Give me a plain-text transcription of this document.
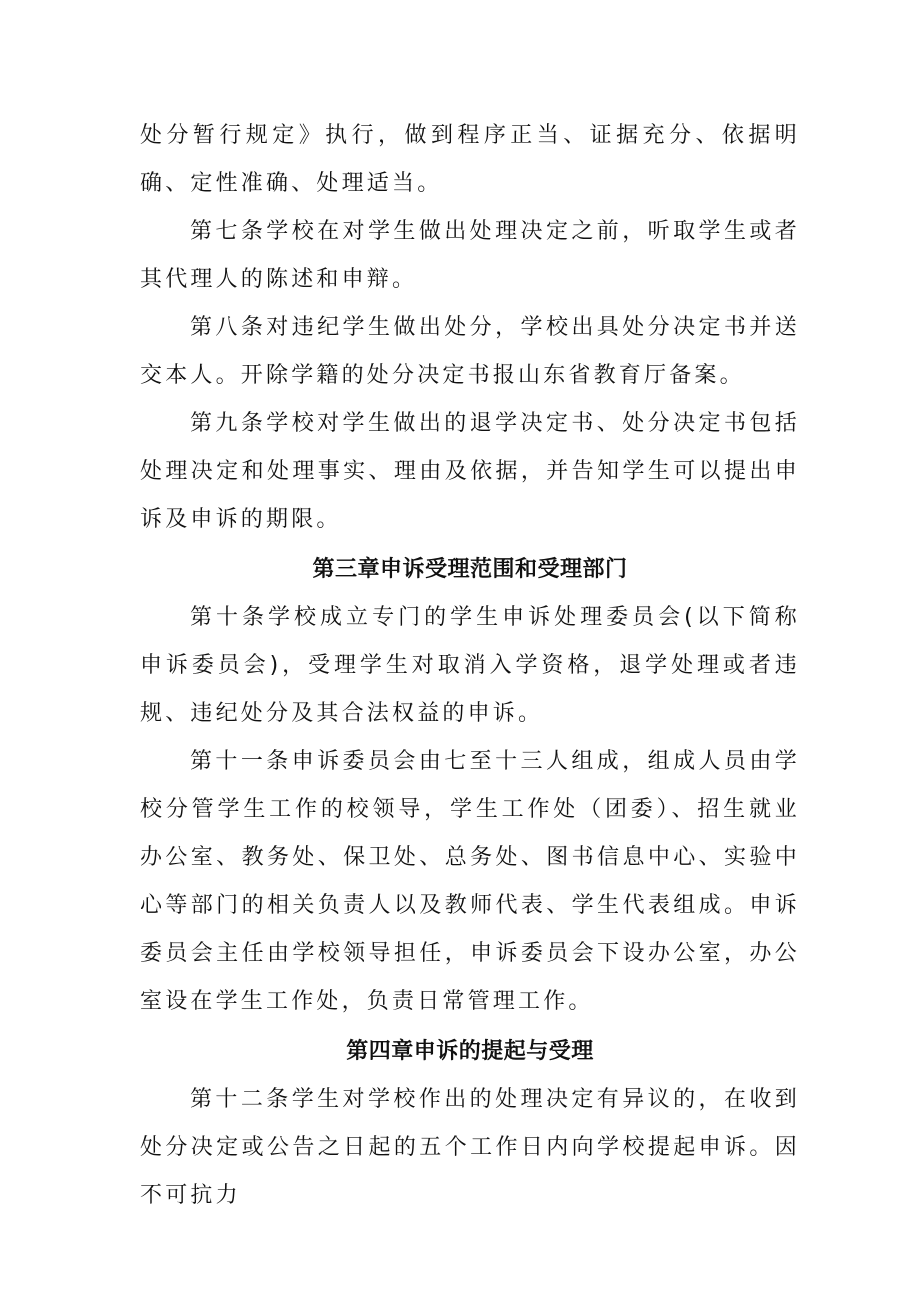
处分暂行规定》执行，做到程序正当、证据充分、依据明确、定性准确、处理适当。

第七条学校在对学生做出处理决定之前，听取学生或者其代理人的陈述和申辩。

第八条对违纪学生做出处分，学校出具处分决定书并送交本人。开除学籍的处分决定书报山东省教育厅备案。

第九条学校对学生做出的退学决定书、处分决定书包括处理决定和处理事实、理由及依据，并告知学生可以提出申诉及申诉的期限。

第三章申诉受理范围和受理部门

第十条学校成立专门的学生申诉处理委员会(以下简称申诉委员会)，受理学生对取消入学资格，退学处理或者违规、违纪处分及其合法权益的申诉。

第十一条申诉委员会由七至十三人组成，组成人员由学校分管学生工作的校领导，学生工作处（团委）、招生就业办公室、教务处、保卫处、总务处、图书信息中心、实验中心等部门的相关负责人以及教师代表、学生代表组成。申诉委员会主任由学校领导担任，申诉委员会下设办公室，办公室设在学生工作处，负责日常管理工作。

第四章申诉的提起与受理

第十二条学生对学校作出的处理决定有异议的，在收到处分决定或公告之日起的五个工作日内向学校提起申诉。因不可抗力
